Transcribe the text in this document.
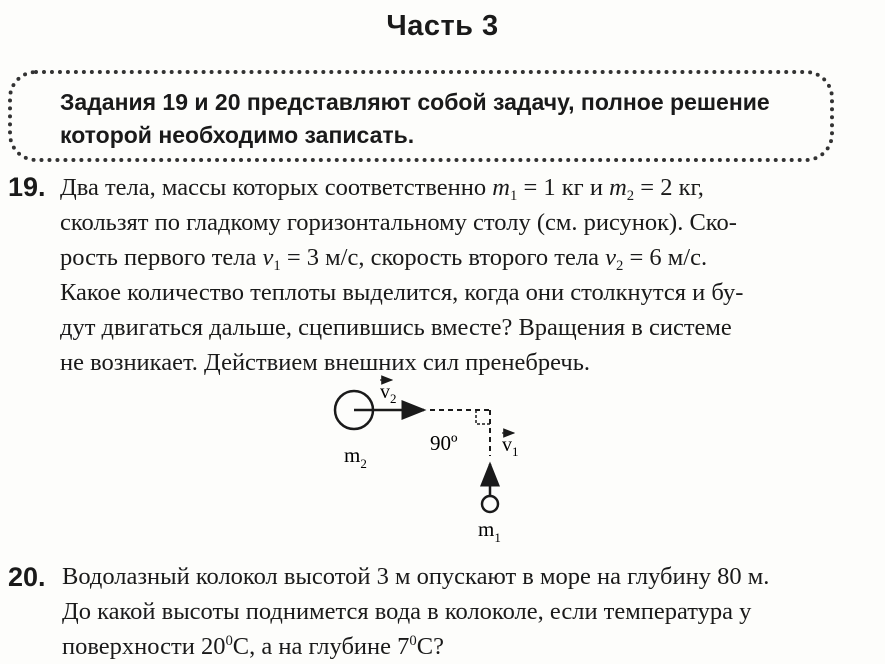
Часть 3
Задания 19 и 20 представляют собой задачу, полное решение
которой необходимо записать.
19. Два тела, массы которых соответственно $m_1 = 1$ кг и $m_2 = 2$ кг,
скользят по гладкому горизонтальному столу (см. рисунок). Ско-
рость первого тела $v_1 = 3$ м/с, скорость второго тела $v_2 = 6$ м/с.
Какое количество теплоты выделится, когда они столкнутся и бу-
дут двигаться дальше, сцепившись вместе? Вращения в системе
не возникает. Действием внешних сил пренебречь.
$v_2$
$v_1$
90º
$m_2$
$m_1$
20. Водолазный колокол высотой 3 м опускают в море на глубину 80 м.
До какой высоты поднимется вода в колоколе, если температура у
поверхности $20^0C$, а на глубине $7^0C$?
